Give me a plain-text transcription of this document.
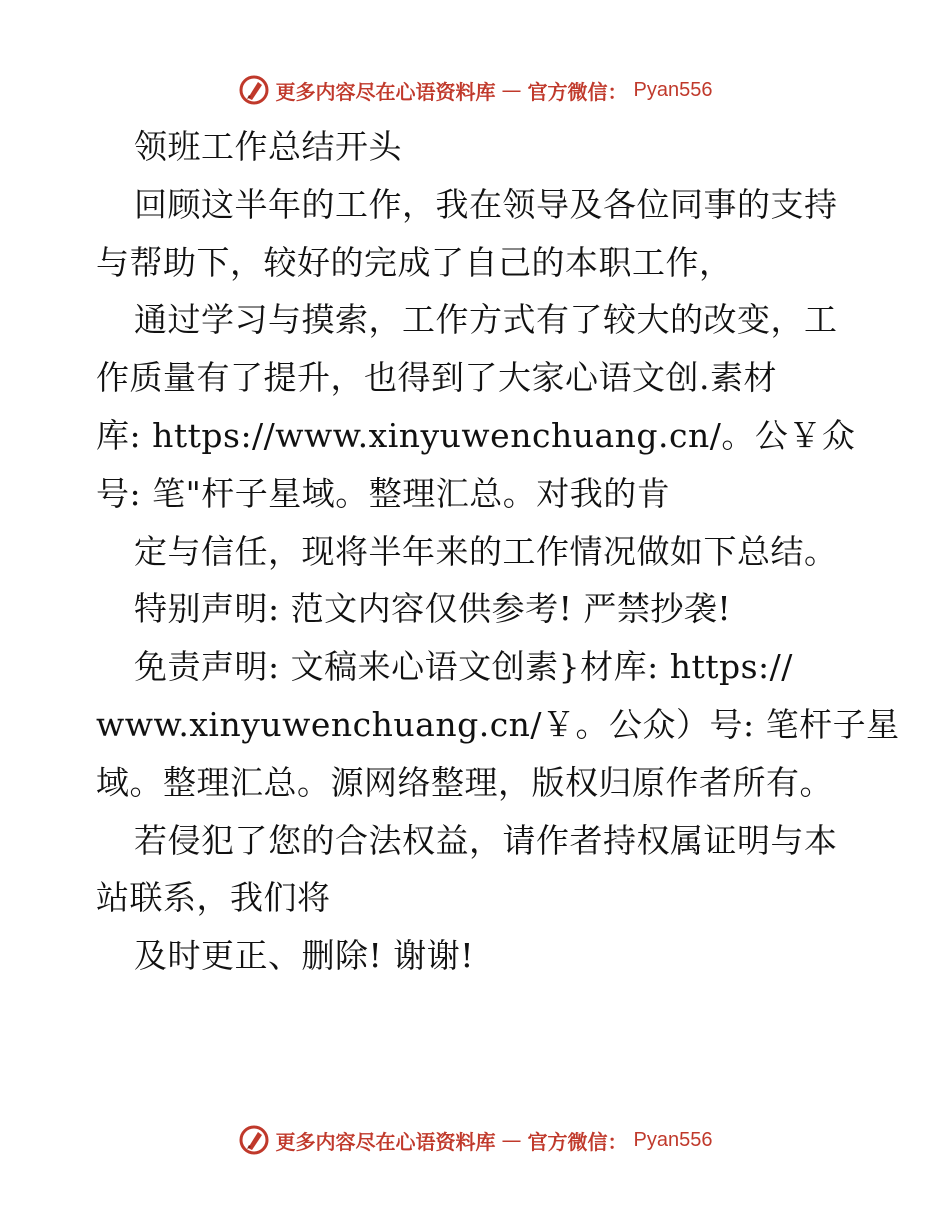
更多内容尽在心语资料库 — 官方微信： Pyan556
领班工作总结开头
回顾这半年的工作，我在领导及各位同事的支持
与帮助下，较好的完成了自己的本职工作，
通过学习与摸索，工作方式有了较大的改变，工
作质量有了提升，也得到了大家心语文创.素材
库: https://www.xinyuwenchuang.cn/。公￥众
号: 笔"杆子星域。整理汇总。对我的肯
定与信任，现将半年来的工作情况做如下总结。
特别声明: 范文内容仅供参考! 严禁抄袭!
免责声明: 文稿来心语文创素}材库: https://
www.xinyuwenchuang.cn/￥。公众）号: 笔杆子星
域。整理汇总。源网络整理，版权归原作者所有。
若侵犯了您的合法权益，请作者持权属证明与本
站联系，我们将
及时更正、删除! 谢谢!
更多内容尽在心语资料库 — 官方微信： Pyan556
